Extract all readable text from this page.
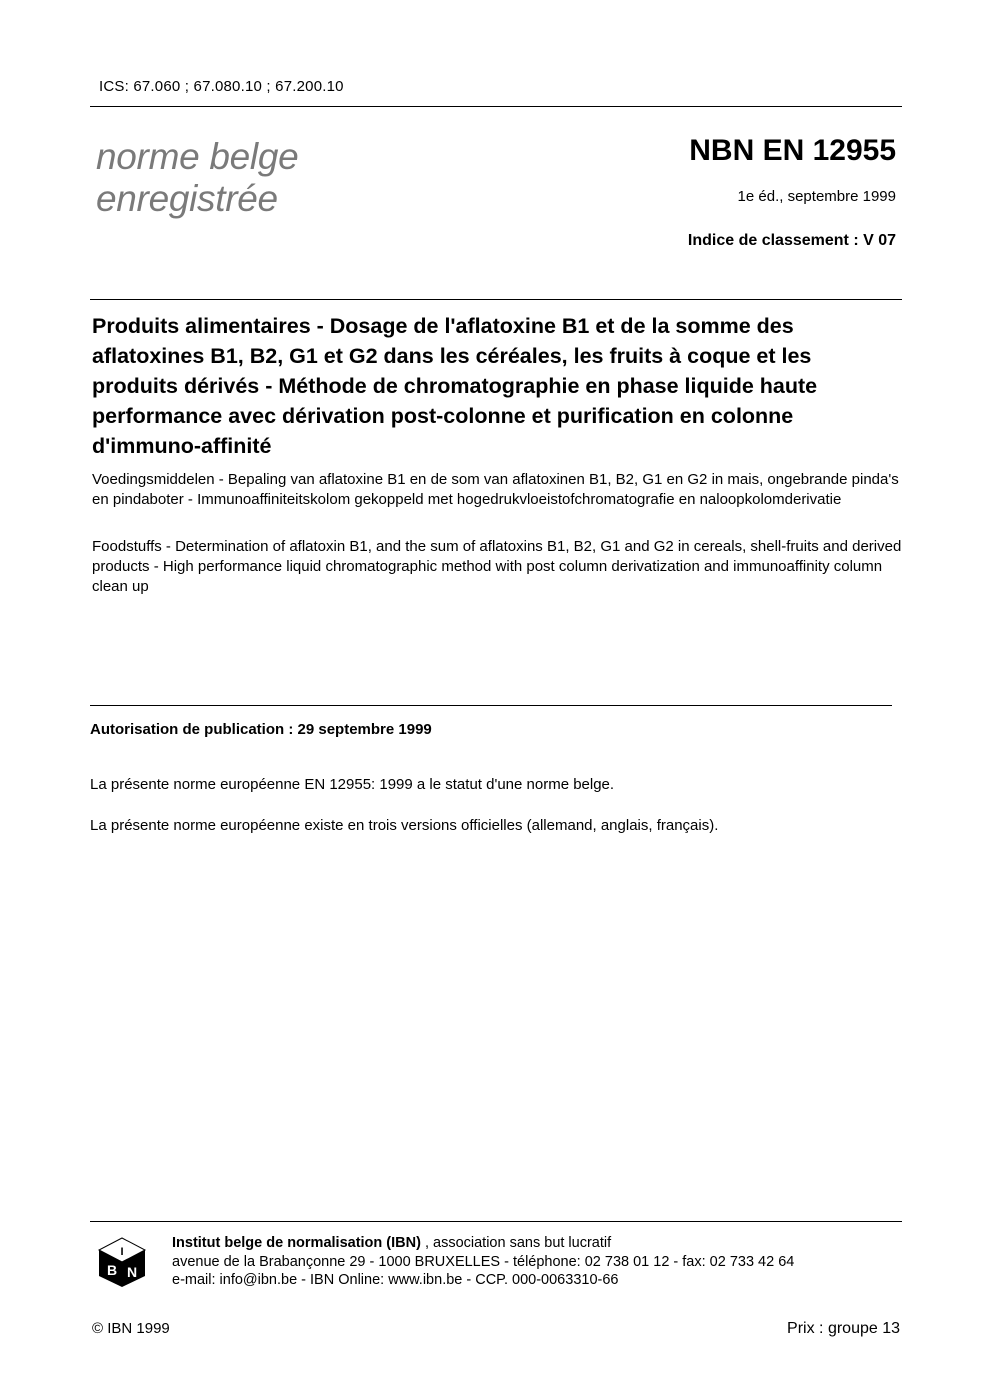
ICS: 67.060 ; 67.080.10 ; 67.200.10
norme belge
enregistrée
NBN EN 12955
1e éd., septembre 1999
Indice de classement : V 07
Produits alimentaires - Dosage de l'aflatoxine B1 et de la somme des aflatoxines B1, B2, G1 et G2 dans les céréales, les fruits à coque et les produits dérivés - Méthode de chromatographie en phase liquide haute performance avec dérivation post-colonne et purification en colonne d'immuno-affinité
Voedingsmiddelen - Bepaling van aflatoxine B1 en de som van aflatoxinen B1, B2, G1 en G2 in mais, ongebrande pinda's en pindaboter - Immunoaffiniteitskolom gekoppeld met hogedrukvloeistofchromatografie en naloopkolomderivatie
Foodstuffs - Determination of aflatoxin B1, and the sum of aflatoxins B1, B2, G1 and G2 in cereals, shell-fruits and derived products - High performance liquid chromatographic method with post column derivatization and immunoaffinity column clean up
Autorisation de publication : 29 septembre 1999
La présente norme européenne EN 12955: 1999 a le statut d'une norme belge.
La présente norme européenne existe en trois versions officielles (allemand, anglais, français).
I
B N
Institut belge de normalisation (IBN) , association sans but lucratif
avenue de la Brabançonne 29 - 1000 BRUXELLES - téléphone: 02 738 01 12 - fax: 02 733 42 64
e-mail: info@ibn.be - IBN Online: www.ibn.be - CCP. 000-0063310-66
© IBN 1999	Prix : groupe 13
